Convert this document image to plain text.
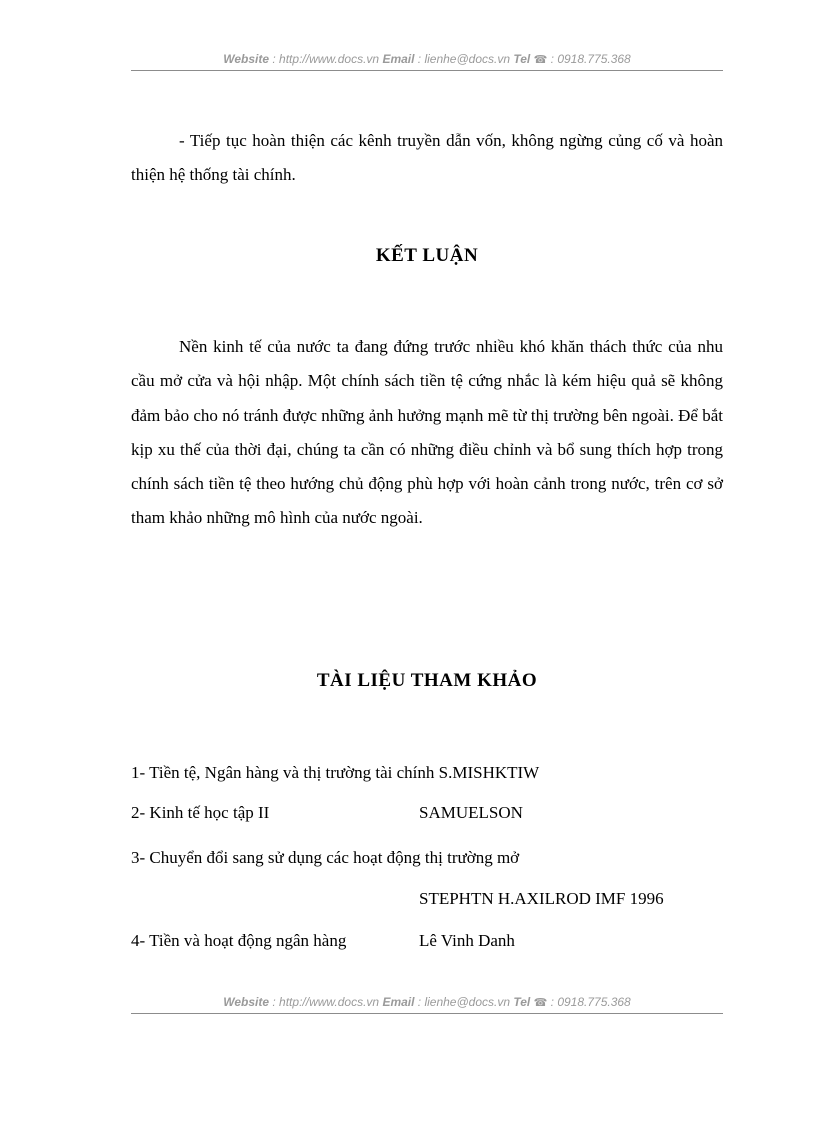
Website : http://www.docs.vn Email : lienhe@docs.vn Tel ☎ : 0918.775.368

- Tiếp tục hoàn thiện các kênh truyền dẫn vốn, không ngừng củng cố và hoàn thiện hệ thống tài chính.

KẾT LUẬN

Nền kinh tế của nước ta đang đứng trước nhiều khó khăn thách thức của nhu cầu mở cửa và hội nhập. Một chính sách tiền tệ cứng nhắc là kém hiệu quả sẽ không đảm bảo cho nó tránh được những ảnh hưởng mạnh mẽ từ thị trường bên ngoài. Để bắt kịp xu thế của thời đại, chúng ta cần có những điều chỉnh và bổ sung thích hợp trong chính sách tiền tệ theo hướng chủ động phù hợp với hoàn cảnh trong nước, trên cơ sở tham khảo những mô hình của nước ngoài.

TÀI LIỆU THAM KHẢO
1- Tiền tệ, Ngân hàng và thị trường tài chính S.MISHKTIW
2- Kinh tế học tập II	SAMUELSON
3- Chuyển đổi sang sử dụng các hoạt động thị trường mở
STEPHTN H.AXILROD IMF 1996
4- Tiền và hoạt động ngân hàng	Lê Vinh Danh
Website : http://www.docs.vn Email : lienhe@docs.vn Tel ☎ : 0918.775.368
